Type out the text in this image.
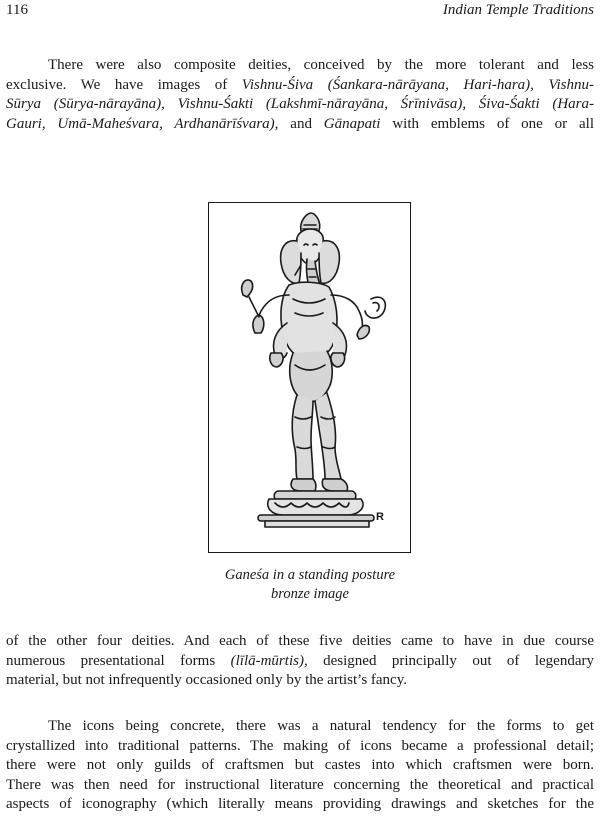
116	Indian Temple Traditions

There were also composite deities, conceived by the more tolerant and less
exclusive. We have images of Vishnu-Śiva (Śankara-nārāyana, Hari-hara), Vishnu-
Sūrya (Sūrya-nārayāna), Vishnu-Śakti (Lakshmī-nārayāna, Śrīnivāsa), Śiva-Śakti (Hara-
Gauri, Umā-Maheśvara, Ardhanārīśvara), and Gānapati with emblems of one or all

R
Ganeśa in a standing posture
bronze image

of the other four deities. And each of these five deities came to have in due course
numerous presentational forms (līlā-mūrtis), designed principally out of legendary
material, but not infrequently occasioned only by the artist’s fancy.

The icons being concrete, there was a natural tendency for the forms to get
crystallized into traditional patterns. The making of icons became a professional detail;
there were not only guilds of craftsmen but castes into which craftsmen were born.
There was then need for instructional literature concerning the theoretical and practical
aspects of iconography (which literally means providing drawings and sketches for the
